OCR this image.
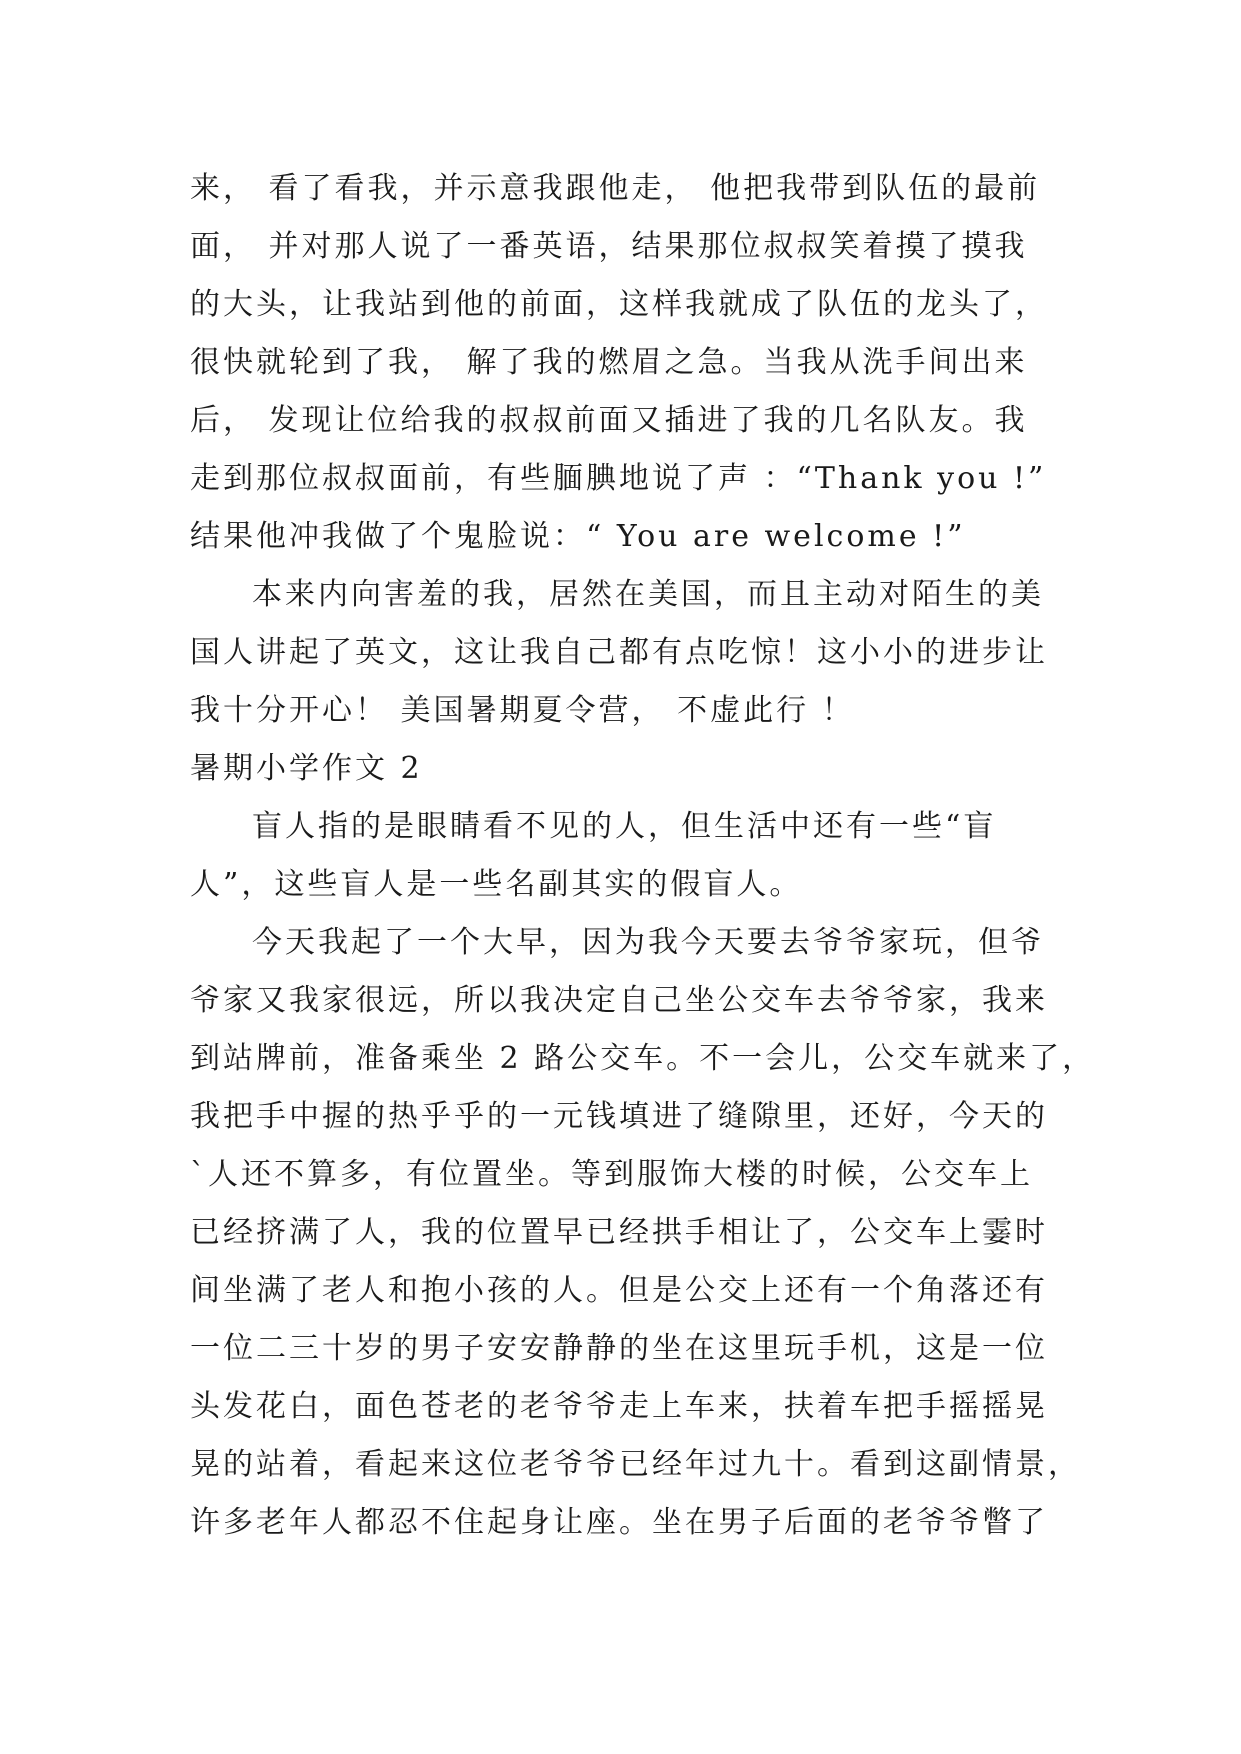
来， 看了看我，并示意我跟他走， 他把我带到队伍的最前
面， 并对那人说了一番英语，结果那位叔叔笑着摸了摸我
的大头，让我站到他的前面，这样我就成了队伍的龙头了，
很快就轮到了我， 解了我的燃眉之急。当我从洗手间出来
后， 发现让位给我的叔叔前面又插进了我的几名队友。我
走到那位叔叔面前，有些腼腆地说了声 ：“Thank you !”
结果他冲我做了个鬼脸说：“ You are welcome !”
本来内向害羞的我，居然在美国，而且主动对陌生的美
国人讲起了英文，这让我自己都有点吃惊！这小小的进步让
我十分开心！ 美国暑期夏令营， 不虚此行 ！
暑期小学作文 2
盲人指的是眼睛看不见的人，但生活中还有一些“盲
人”，这些盲人是一些名副其实的假盲人。
今天我起了一个大早，因为我今天要去爷爷家玩，但爷
爷家又我家很远，所以我决定自己坐公交车去爷爷家，我来
到站牌前，准备乘坐 2 路公交车。不一会儿，公交车就来了，
我把手中握的热乎乎的一元钱填进了缝隙里，还好，今天的
`人还不算多，有位置坐。等到服饰大楼的时候，公交车上
已经挤满了人，我的位置早已经拱手相让了，公交车上霎时
间坐满了老人和抱小孩的人。但是公交上还有一个角落还有
一位二三十岁的男子安安静静的坐在这里玩手机，这是一位
头发花白，面色苍老的老爷爷走上车来，扶着车把手摇摇晃
晃的站着，看起来这位老爷爷已经年过九十。看到这副情景，
许多老年人都忍不住起身让座。坐在男子后面的老爷爷瞥了
